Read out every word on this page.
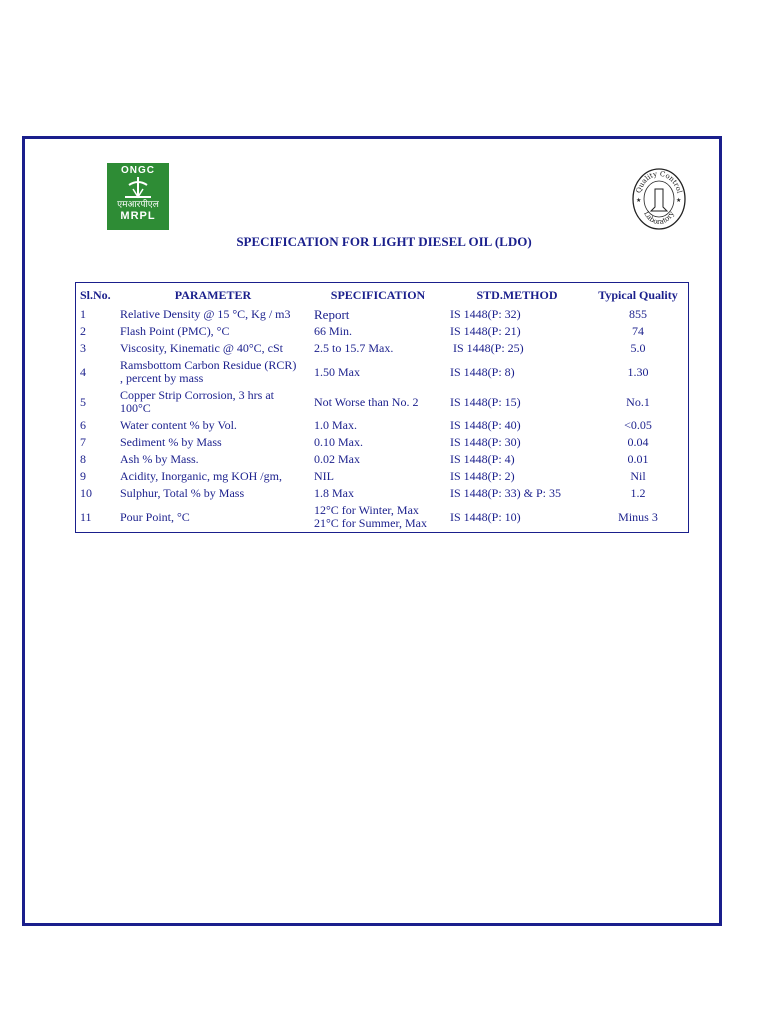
ONGC
एमआरपीएल
MRPL
Quality Control
Laboratory
★	★
SPECIFICATION FOR LIGHT DIESEL OIL (LDO)
Sl.No.	PARAMETER	SPECIFICATION	STD.METHOD	Typical Quality
1	Relative Density @ 15 °C, Kg / m3	Report	IS 1448(P: 32)	855
2	Flash Point (PMC), °C	66 Min.	IS 1448(P: 21)	74
3	Viscosity, Kinematic @ 40°C, cSt	2.5 to 15.7 Max.	IS 1448(P: 25)	5.0
4	Ramsbottom Carbon Residue (RCR)
, percent by mass	1.50 Max	IS 1448(P: 8)	1.30
5	Copper Strip Corrosion, 3 hrs at
100°C	Not Worse than No. 2	IS 1448(P: 15)	No.1
6	Water content % by Vol.	1.0 Max.	IS 1448(P: 40)	<0.05
7	Sediment % by Mass	0.10 Max.	IS 1448(P: 30)	0.04
8	Ash % by Mass.	0.02 Max	IS 1448(P: 4)	0.01
9	Acidity, Inorganic, mg KOH /gm,	NIL	IS 1448(P: 2)	Nil
10	Sulphur, Total % by Mass	1.8 Max	IS 1448(P: 33) & P: 35	1.2
11	Pour Point, °C	12°C for Winter, Max
21°C for Summer, Max	IS 1448(P: 10)	Minus 3
